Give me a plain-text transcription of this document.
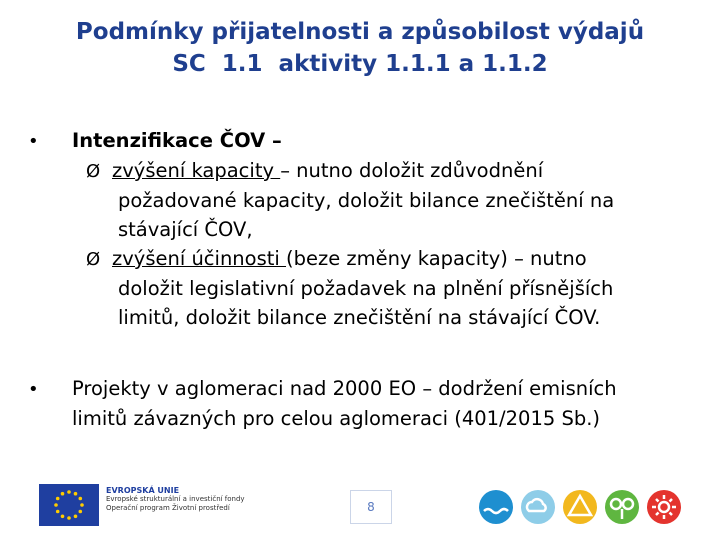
Podmínky přijatelnosti a způsobilost výdajů
SC  1.1  aktivity 1.1.1 a 1.1.2
• Intenzifikace ČOV –
Ø zvýšení kapacity – nutno doložit zdůvodnění
požadované kapacity, doložit bilance znečištění na
stávající ČOV,
Ø zvýšení účinnosti (beze změny kapacity) – nutno
doložit legislativní požadavek na plnění přísnějších
limitů, doložit bilance znečištění na stávající ČOV.
• Projekty v aglomeraci nad 2000 EO – dodržení emisních
limitů závazných pro celou aglomeraci (401/2015 Sb.)
EVROPSKÁ UNIE
Evropské strukturální a investiční fondy
Operační program Životní prostředí	8
